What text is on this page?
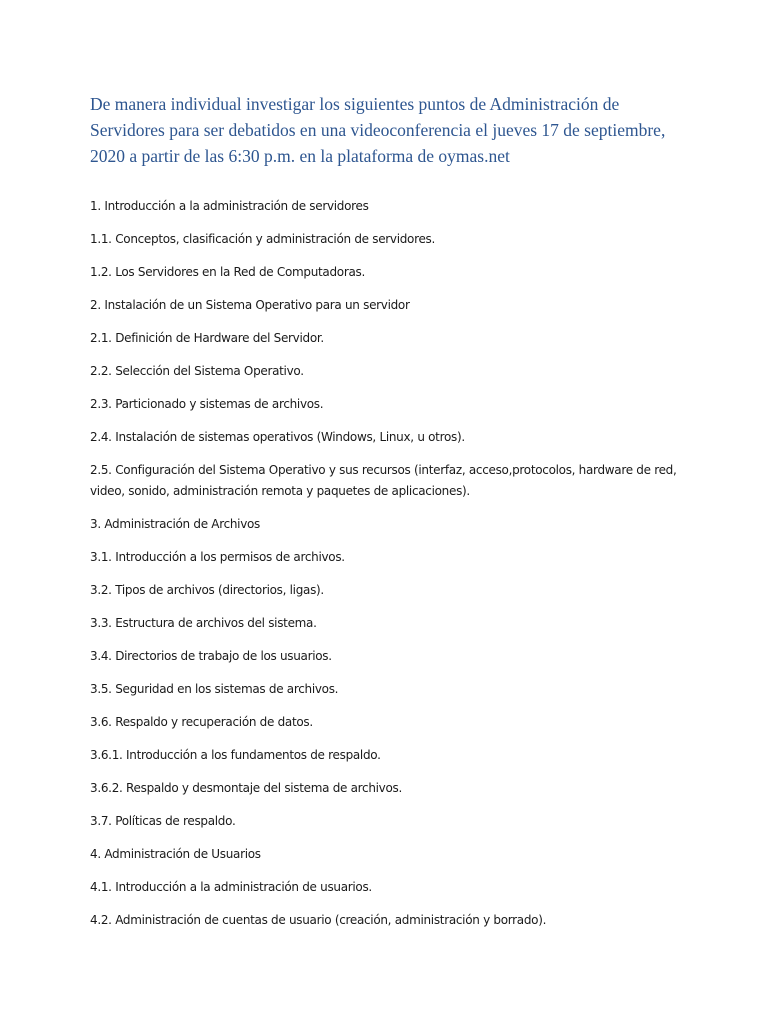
De manera individual investigar los siguientes puntos de Administración de Servidores para ser debatidos en una videoconferencia el jueves 17 de septiembre, 2020 a partir de las 6:30 p.m. en la plataforma de oymas.net

1. Introducción a la administración de servidores
1.1. Conceptos, clasificación y administración de servidores.
1.2. Los Servidores en la Red de Computadoras.
2. Instalación de un Sistema Operativo para un servidor
2.1. Definición de Hardware del Servidor.
2.2. Selección del Sistema Operativo.
2.3. Particionado y sistemas de archivos.
2.4. Instalación de sistemas operativos (Windows, Linux, u otros).
2.5. Configuración del Sistema Operativo y sus recursos (interfaz, acceso,protocolos, hardware de red, video, sonido, administración remota y paquetes de aplicaciones).
3. Administración de Archivos
3.1. Introducción a los permisos de archivos.
3.2. Tipos de archivos (directorios, ligas).
3.3. Estructura de archivos del sistema.
3.4. Directorios de trabajo de los usuarios.
3.5. Seguridad en los sistemas de archivos.
3.6. Respaldo y recuperación de datos.
3.6.1. Introducción a los fundamentos de respaldo.
3.6.2. Respaldo y desmontaje del sistema de archivos.
3.7. Políticas de respaldo.
4. Administración de Usuarios
4.1. Introducción a la administración de usuarios.
4.2. Administración de cuentas de usuario (creación, administración y borrado).
